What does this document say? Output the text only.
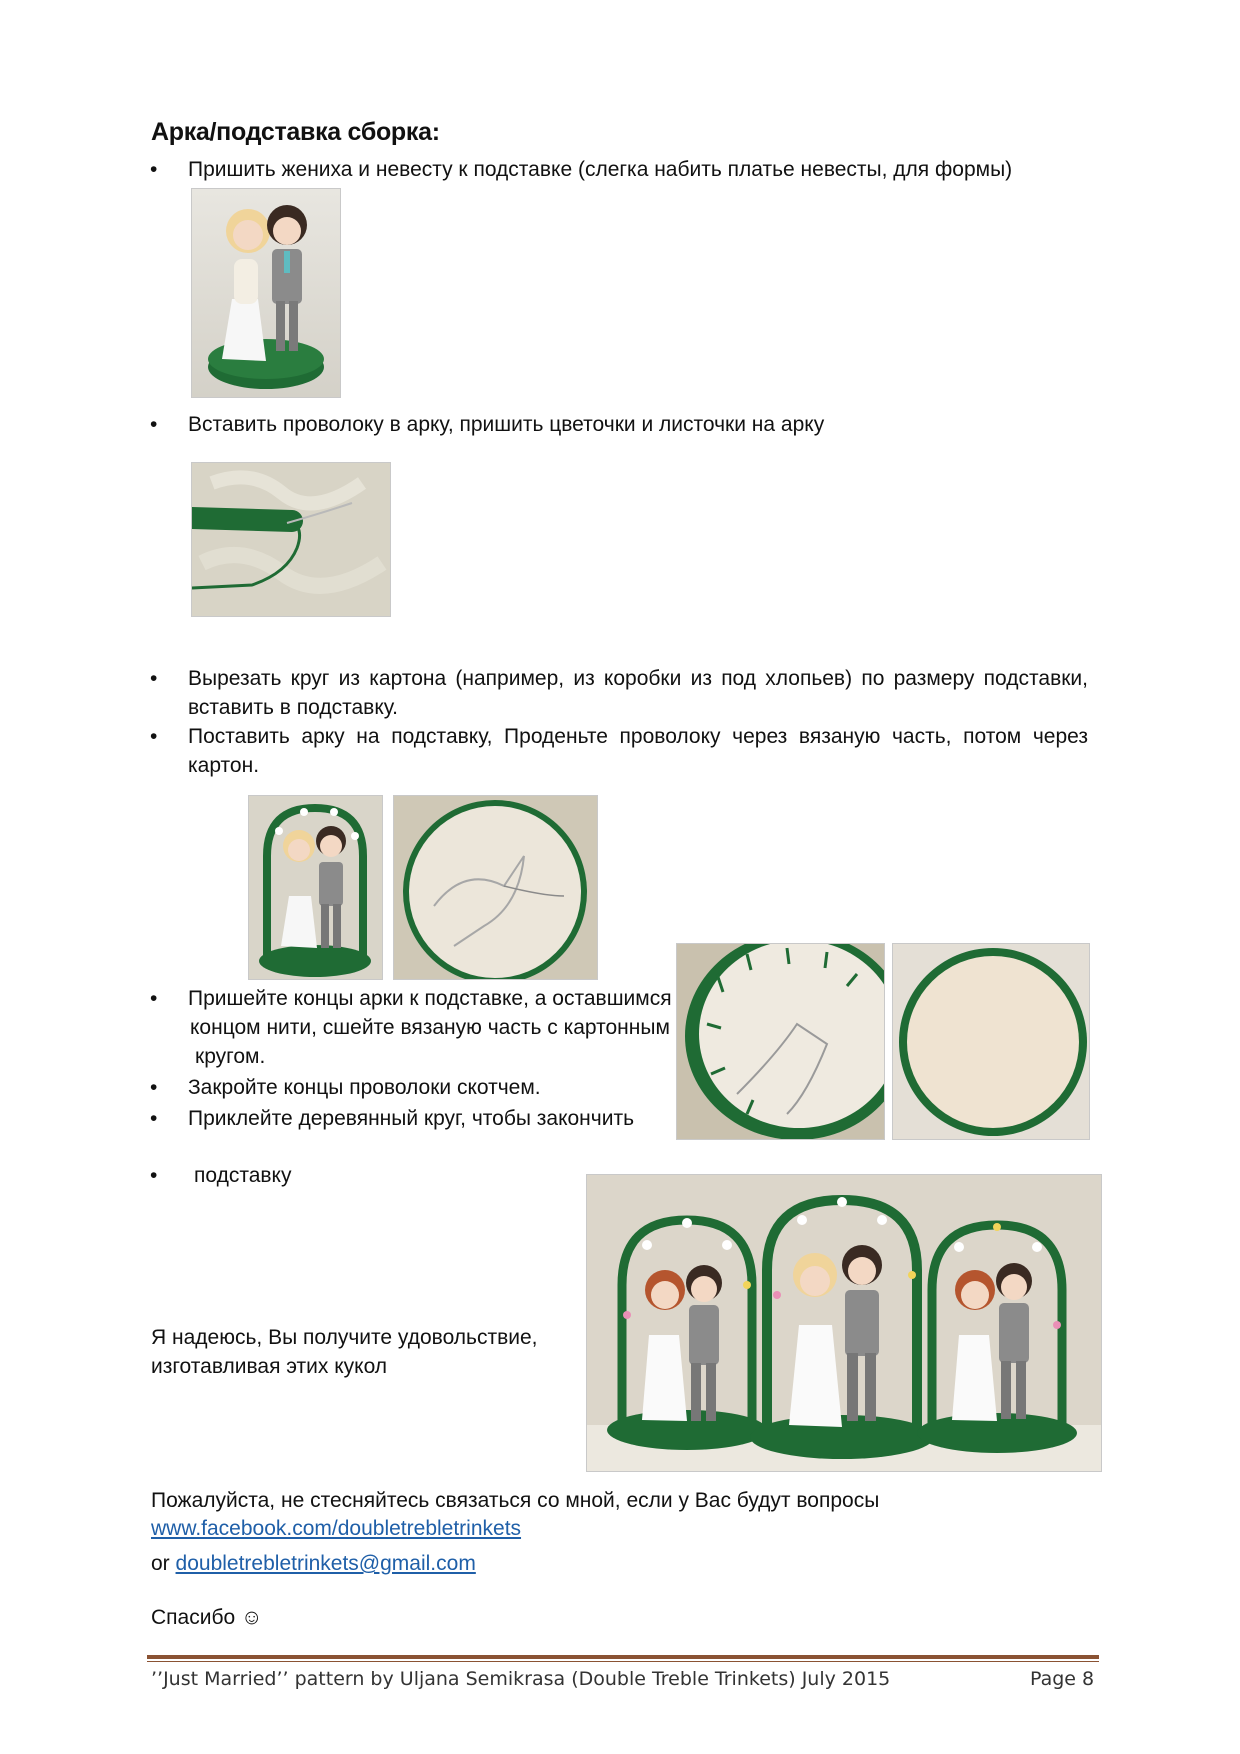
Арка/подставка сборка:
• Пришить жениха и невесту к подставке (слегка набить платье невесты, для формы)
• Вставить проволоку в арку, пришить цветочки и листочки на арку
• Вырезать круг из картона (например, из коробки из под хлопьев) по размеру подставки, вставить в подставку.
• Поставить арку на подставку, Проденьте проволоку через вязаную часть, потом через картон.
• Пришейте концы арки к подставке, а оставшимся
концом нити, сшейте вязаную часть с картонным
кругом.
• Закройте концы проволоки скотчем.
• Приклейте деревянный круг, чтобы закончить
• подставку
Я надеюсь, Вы получите удовольствие,
изготавливая этих кукол
Пожалуйста, не стесняйтесь связаться со мной, если у Вас будут вопросы
www.facebook.com/doubletrebletrinkets
or doubletrebletrinkets@gmail.com
Спасибо ☺
’’Just Married’’ pattern by Uljana Semikrasa (Double Treble Trinkets) July 2015	Page 8
